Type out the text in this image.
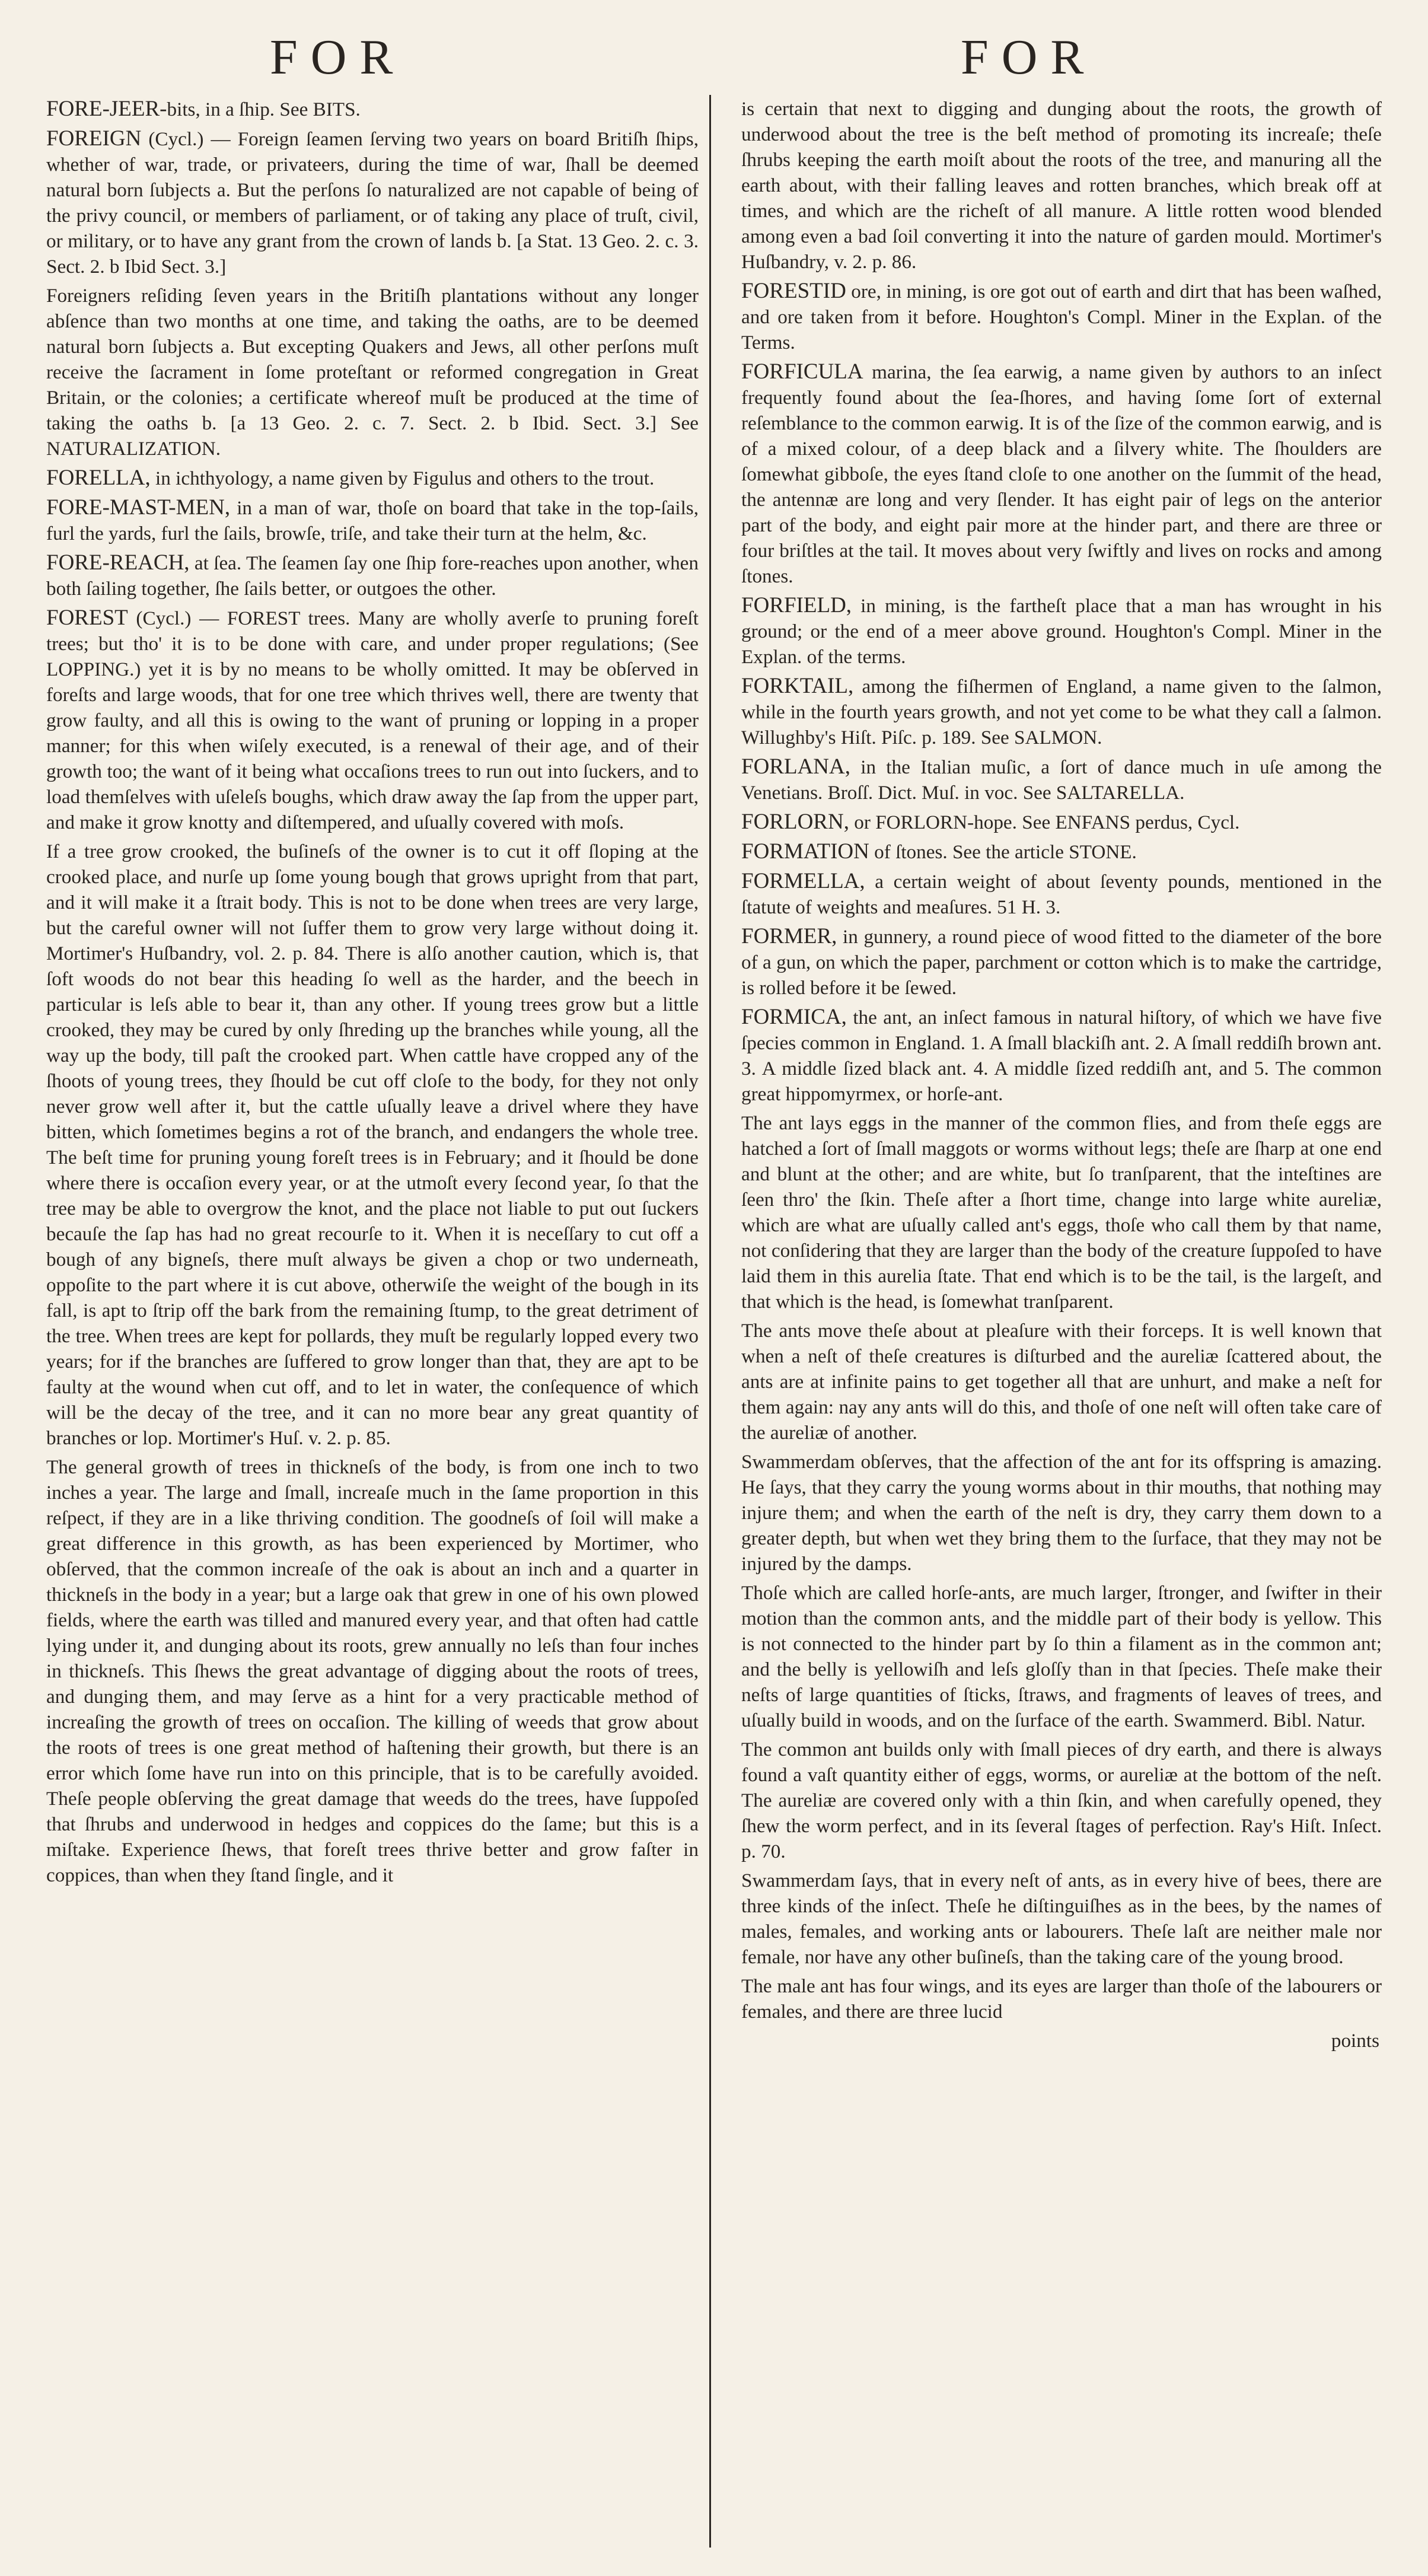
FOR	FOR

FORE-JEER-bits, in a ſhip. See BITS.

FOREIGN (Cycl.) — Foreign ſeamen ſerving two years on board Britiſh ſhips, whether of war, trade, or privateers, during the time of war, ſhall be deemed natural born ſubjects a. But the perſons ſo naturalized are not capable of being of the privy council, or members of parliament, or of taking any place of truſt, civil, or military, or to have any grant from the crown of lands b. [a Stat. 13 Geo. 2. c. 3. Sect. 2. b Ibid Sect. 3.]

Foreigners reſiding ſeven years in the Britiſh plantations without any longer abſence than two months at one time, and taking the oaths, are to be deemed natural born ſubjects a. But excepting Quakers and Jews, all other perſons muſt receive the ſacrament in ſome proteſtant or reformed congregation in Great Britain, or the colonies; a certificate whereof muſt be produced at the time of taking the oaths b. [a 13 Geo. 2. c. 7. Sect. 2. b Ibid. Sect. 3.] See NATURALIZATION.

FORELLA, in ichthyology, a name given by Figulus and others to the trout.

FORE-MAST-MEN, in a man of war, thoſe on board that take in the top-ſails, furl the yards, furl the ſails, browſe, triſe, and take their turn at the helm, &c.

FORE-REACH, at ſea. The ſeamen ſay one ſhip fore-reaches upon another, when both ſailing together, ſhe ſails better, or outgoes the other.

FOREST (Cycl.) — FOREST trees. Many are wholly averſe to pruning foreſt trees; but tho' it is to be done with care, and under proper regulations; (See LOPPING.) yet it is by no means to be wholly omitted. It may be obſerved in foreſts and large woods, that for one tree which thrives well, there are twenty that grow faulty, and all this is owing to the want of pruning or lopping in a proper manner; for this when wiſely executed, is a renewal of their age, and of their growth too; the want of it being what occaſions trees to run out into ſuckers, and to load themſelves with uſeleſs boughs, which draw away the ſap from the upper part, and make it grow knotty and diſtempered, and uſually covered with moſs.

If a tree grow crooked, the buſineſs of the owner is to cut it off ſloping at the crooked place, and nurſe up ſome young bough that grows upright from that part, and it will make it a ſtrait body. This is not to be done when trees are very large, but the careful owner will not ſuffer them to grow very large without doing it. Mortimer's Huſbandry, vol. 2. p. 84. There is alſo another caution, which is, that ſoft woods do not bear this heading ſo well as the harder, and the beech in particular is leſs able to bear it, than any other. If young trees grow but a little crooked, they may be cured by only ſhreding up the branches while young, all the way up the body, till paſt the crooked part. When cattle have cropped any of the ſhoots of young trees, they ſhould be cut off cloſe to the body, for they not only never grow well after it, but the cattle uſually leave a drivel where they have bitten, which ſometimes begins a rot of the branch, and endangers the whole tree. The beſt time for pruning young foreſt trees is in February; and it ſhould be done where there is occaſion every year, or at the utmoſt every ſecond year, ſo that the tree may be able to overgrow the knot, and the place not liable to put out ſuckers becauſe the ſap has had no great recourſe to it. When it is neceſſary to cut off a bough of any bigneſs, there muſt always be given a chop or two underneath, oppoſite to the part where it is cut above, otherwiſe the weight of the bough in its fall, is apt to ſtrip off the bark from the remaining ſtump, to the great detriment of the tree. When trees are kept for pollards, they muſt be regularly lopped every two years; for if the branches are ſuffered to grow longer than that, they are apt to be faulty at the wound when cut off, and to let in water, the conſequence of which will be the decay of the tree, and it can no more bear any great quantity of branches or lop. Mortimer's Huſ. v. 2. p. 85.

The general growth of trees in thickneſs of the body, is from one inch to two inches a year. The large and ſmall, increaſe much in the ſame proportion in this reſpect, if they are in a like thriving condition. The goodneſs of ſoil will make a great difference in this growth, as has been experienced by Mortimer, who obſerved, that the common increaſe of the oak is about an inch and a quarter in thickneſs in the body in a year; but a large oak that grew in one of his own plowed fields, where the earth was tilled and manured every year, and that often had cattle lying under it, and dunging about its roots, grew annually no leſs than four inches in thickneſs. This ſhews the great advantage of digging about the roots of trees, and dunging them, and may ſerve as a hint for a very practicable method of increaſing the growth of trees on occaſion. The killing of weeds that grow about the roots of trees is one great method of haſtening their growth, but there is an error which ſome have run into on this principle, that is to be carefully avoided. Theſe people obſerving the great damage that weeds do the trees, have ſuppoſed that ſhrubs and underwood in hedges and coppices do the ſame; but this is a miſtake. Experience ſhews, that foreſt trees thrive better and grow faſter in coppices, than when they ſtand ſingle, and it

is certain that next to digging and dunging about the roots, the growth of underwood about the tree is the beſt method of promoting its increaſe; theſe ſhrubs keeping the earth moiſt about the roots of the tree, and manuring all the earth about, with their falling leaves and rotten branches, which break off at times, and which are the richeſt of all manure. A little rotten wood blended among even a bad ſoil converting it into the nature of garden mould. Mortimer's Huſbandry, v. 2. p. 86.

FORESTID ore, in mining, is ore got out of earth and dirt that has been waſhed, and ore taken from it before. Houghton's Compl. Miner in the Explan. of the Terms.

FORFICULA marina, the ſea earwig, a name given by authors to an inſect frequently found about the ſea-ſhores, and having ſome ſort of external reſemblance to the common earwig. It is of the ſize of the common earwig, and is of a mixed colour, of a deep black and a ſilvery white. The ſhoulders are ſomewhat gibboſe, the eyes ſtand cloſe to one another on the ſummit of the head, the antennæ are long and very ſlender. It has eight pair of legs on the anterior part of the body, and eight pair more at the hinder part, and there are three or four briſtles at the tail. It moves about very ſwiftly and lives on rocks and among ſtones.

FORFIELD, in mining, is the fartheſt place that a man has wrought in his ground; or the end of a meer above ground. Houghton's Compl. Miner in the Explan. of the terms.

FORKTAIL, among the fiſhermen of England, a name given to the ſalmon, while in the fourth years growth, and not yet come to be what they call a ſalmon. Willughby's Hiſt. Piſc. p. 189. See SALMON.

FORLANA, in the Italian muſic, a ſort of dance much in uſe among the Venetians. Broſſ. Dict. Muſ. in voc. See SALTARELLA.

FORLORN, or FORLORN-hope. See ENFANS perdus, Cycl.

FORMATION of ſtones. See the article STONE.

FORMELLA, a certain weight of about ſeventy pounds, mentioned in the ſtatute of weights and meaſures. 51 H. 3.

FORMER, in gunnery, a round piece of wood fitted to the diameter of the bore of a gun, on which the paper, parchment or cotton which is to make the cartridge, is rolled before it be ſewed.

FORMICA, the ant, an inſect famous in natural hiſtory, of which we have five ſpecies common in England. 1. A ſmall blackiſh ant. 2. A ſmall reddiſh brown ant. 3. A middle ſized black ant. 4. A middle ſized reddiſh ant, and 5. The common great hippomyrmex, or horſe-ant.

The ant lays eggs in the manner of the common flies, and from theſe eggs are hatched a ſort of ſmall maggots or worms without legs; theſe are ſharp at one end and blunt at the other; and are white, but ſo tranſparent, that the inteſtines are ſeen thro' the ſkin. Theſe after a ſhort time, change into large white aureliæ, which are what are uſually called ant's eggs, thoſe who call them by that name, not conſidering that they are larger than the body of the creature ſuppoſed to have laid them in this aurelia ſtate. That end which is to be the tail, is the largeſt, and that which is the head, is ſomewhat tranſparent.

The ants move theſe about at pleaſure with their forceps. It is well known that when a neſt of theſe creatures is diſturbed and the aureliæ ſcattered about, the ants are at infinite pains to get together all that are unhurt, and make a neſt for them again: nay any ants will do this, and thoſe of one neſt will often take care of the aureliæ of another.

Swammerdam obſerves, that the affection of the ant for its offspring is amazing. He ſays, that they carry the young worms about in thir mouths, that nothing may injure them; and when the earth of the neſt is dry, they carry them down to a greater depth, but when wet they bring them to the ſurface, that they may not be injured by the damps.

Thoſe which are called horſe-ants, are much larger, ſtronger, and ſwifter in their motion than the common ants, and the middle part of their body is yellow. This is not connected to the hinder part by ſo thin a filament as in the common ant; and the belly is yellowiſh and leſs gloſſy than in that ſpecies. Theſe make their neſts of large quantities of ſticks, ſtraws, and fragments of leaves of trees, and uſually build in woods, and on the ſurface of the earth. Swammerd. Bibl. Natur.

The common ant builds only with ſmall pieces of dry earth, and there is always found a vaſt quantity either of eggs, worms, or aureliæ at the bottom of the neſt. The aureliæ are covered only with a thin ſkin, and when carefully opened, they ſhew the worm perfect, and in its ſeveral ſtages of perfection. Ray's Hiſt. Inſect. p. 70.

Swammerdam ſays, that in every neſt of ants, as in every hive of bees, there are three kinds of the inſect. Theſe he diſtinguiſhes as in the bees, by the names of males, females, and working ants or labourers. Theſe laſt are neither male nor female, nor have any other buſineſs, than the taking care of the young brood.

The male ant has four wings, and its eyes are larger than thoſe of the labourers or females, and there are three lucid

points
